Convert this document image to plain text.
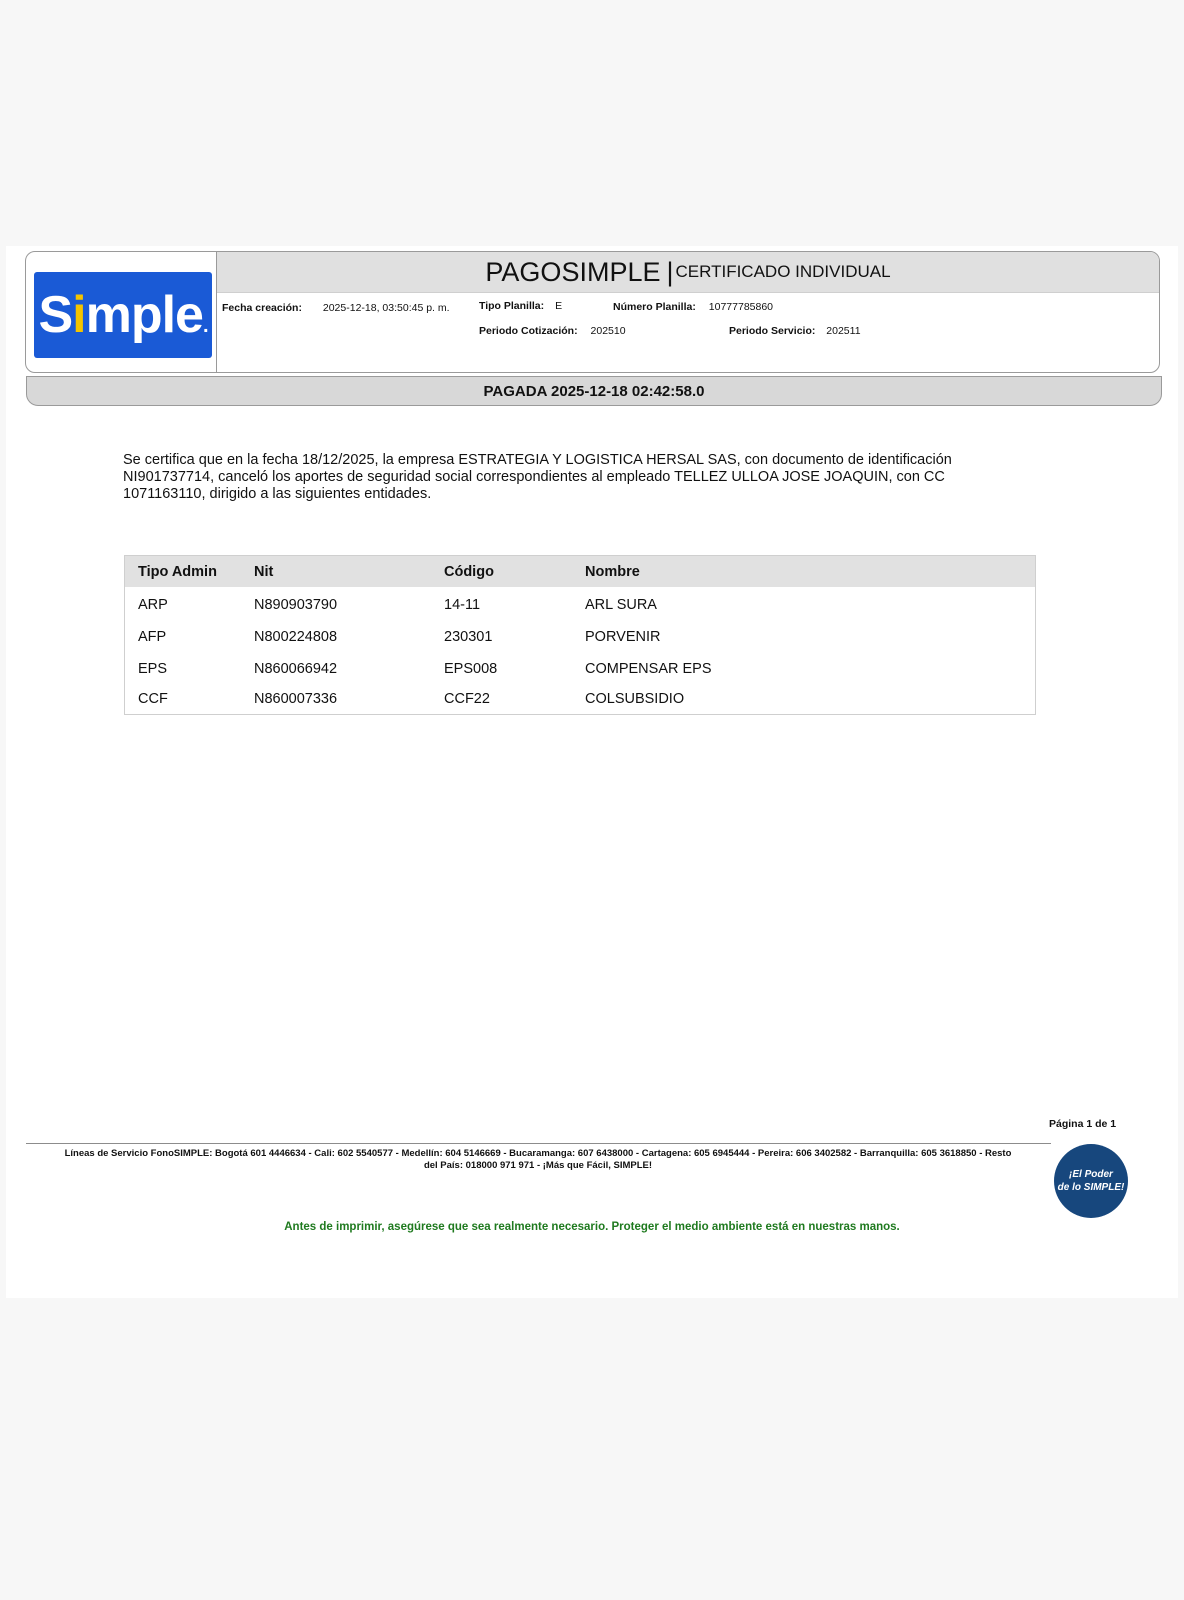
Simple.
PAGOSIMPLE | CERTIFICADO INDIVIDUAL
Fecha creación: 2025-12-18, 03:50:45 p. m.	Tipo Planilla: E	Número Planilla: 10777785860
Periodo Cotización: 202510	Periodo Servicio: 202511
PAGADA 2025-12-18 02:42:58.0
Se certifica que en la fecha 18/12/2025, la empresa ESTRATEGIA Y LOGISTICA HERSAL SAS, con documento de identificación NI901737714, canceló los aportes de seguridad social correspondientes al empleado TELLEZ ULLOA JOSE JOAQUIN, con CC 1071163110, dirigido a las siguientes entidades.
Tipo Admin	Nit	Código	Nombre
ARP	N890903790	14-11	ARL SURA
AFP	N800224808	230301	PORVENIR
EPS	N860066942	EPS008	COMPENSAR EPS
CCF	N860007336	CCF22	COLSUBSIDIO
Página 1 de 1
Líneas de Servicio FonoSIMPLE: Bogotá 601 4446634 - Cali: 602 5540577 - Medellín: 604 5146669 - Bucaramanga: 607 6438000 - Cartagena: 605 6945444 - Pereira: 606 3402582 - Barranquilla: 605 3618850 - Resto
del País: 018000 971 971 - ¡Más que Fácil, SIMPLE!
¡El Poder
de lo SIMPLE!
Antes de imprimir, asegúrese que sea realmente necesario. Proteger el medio ambiente está en nuestras manos.
